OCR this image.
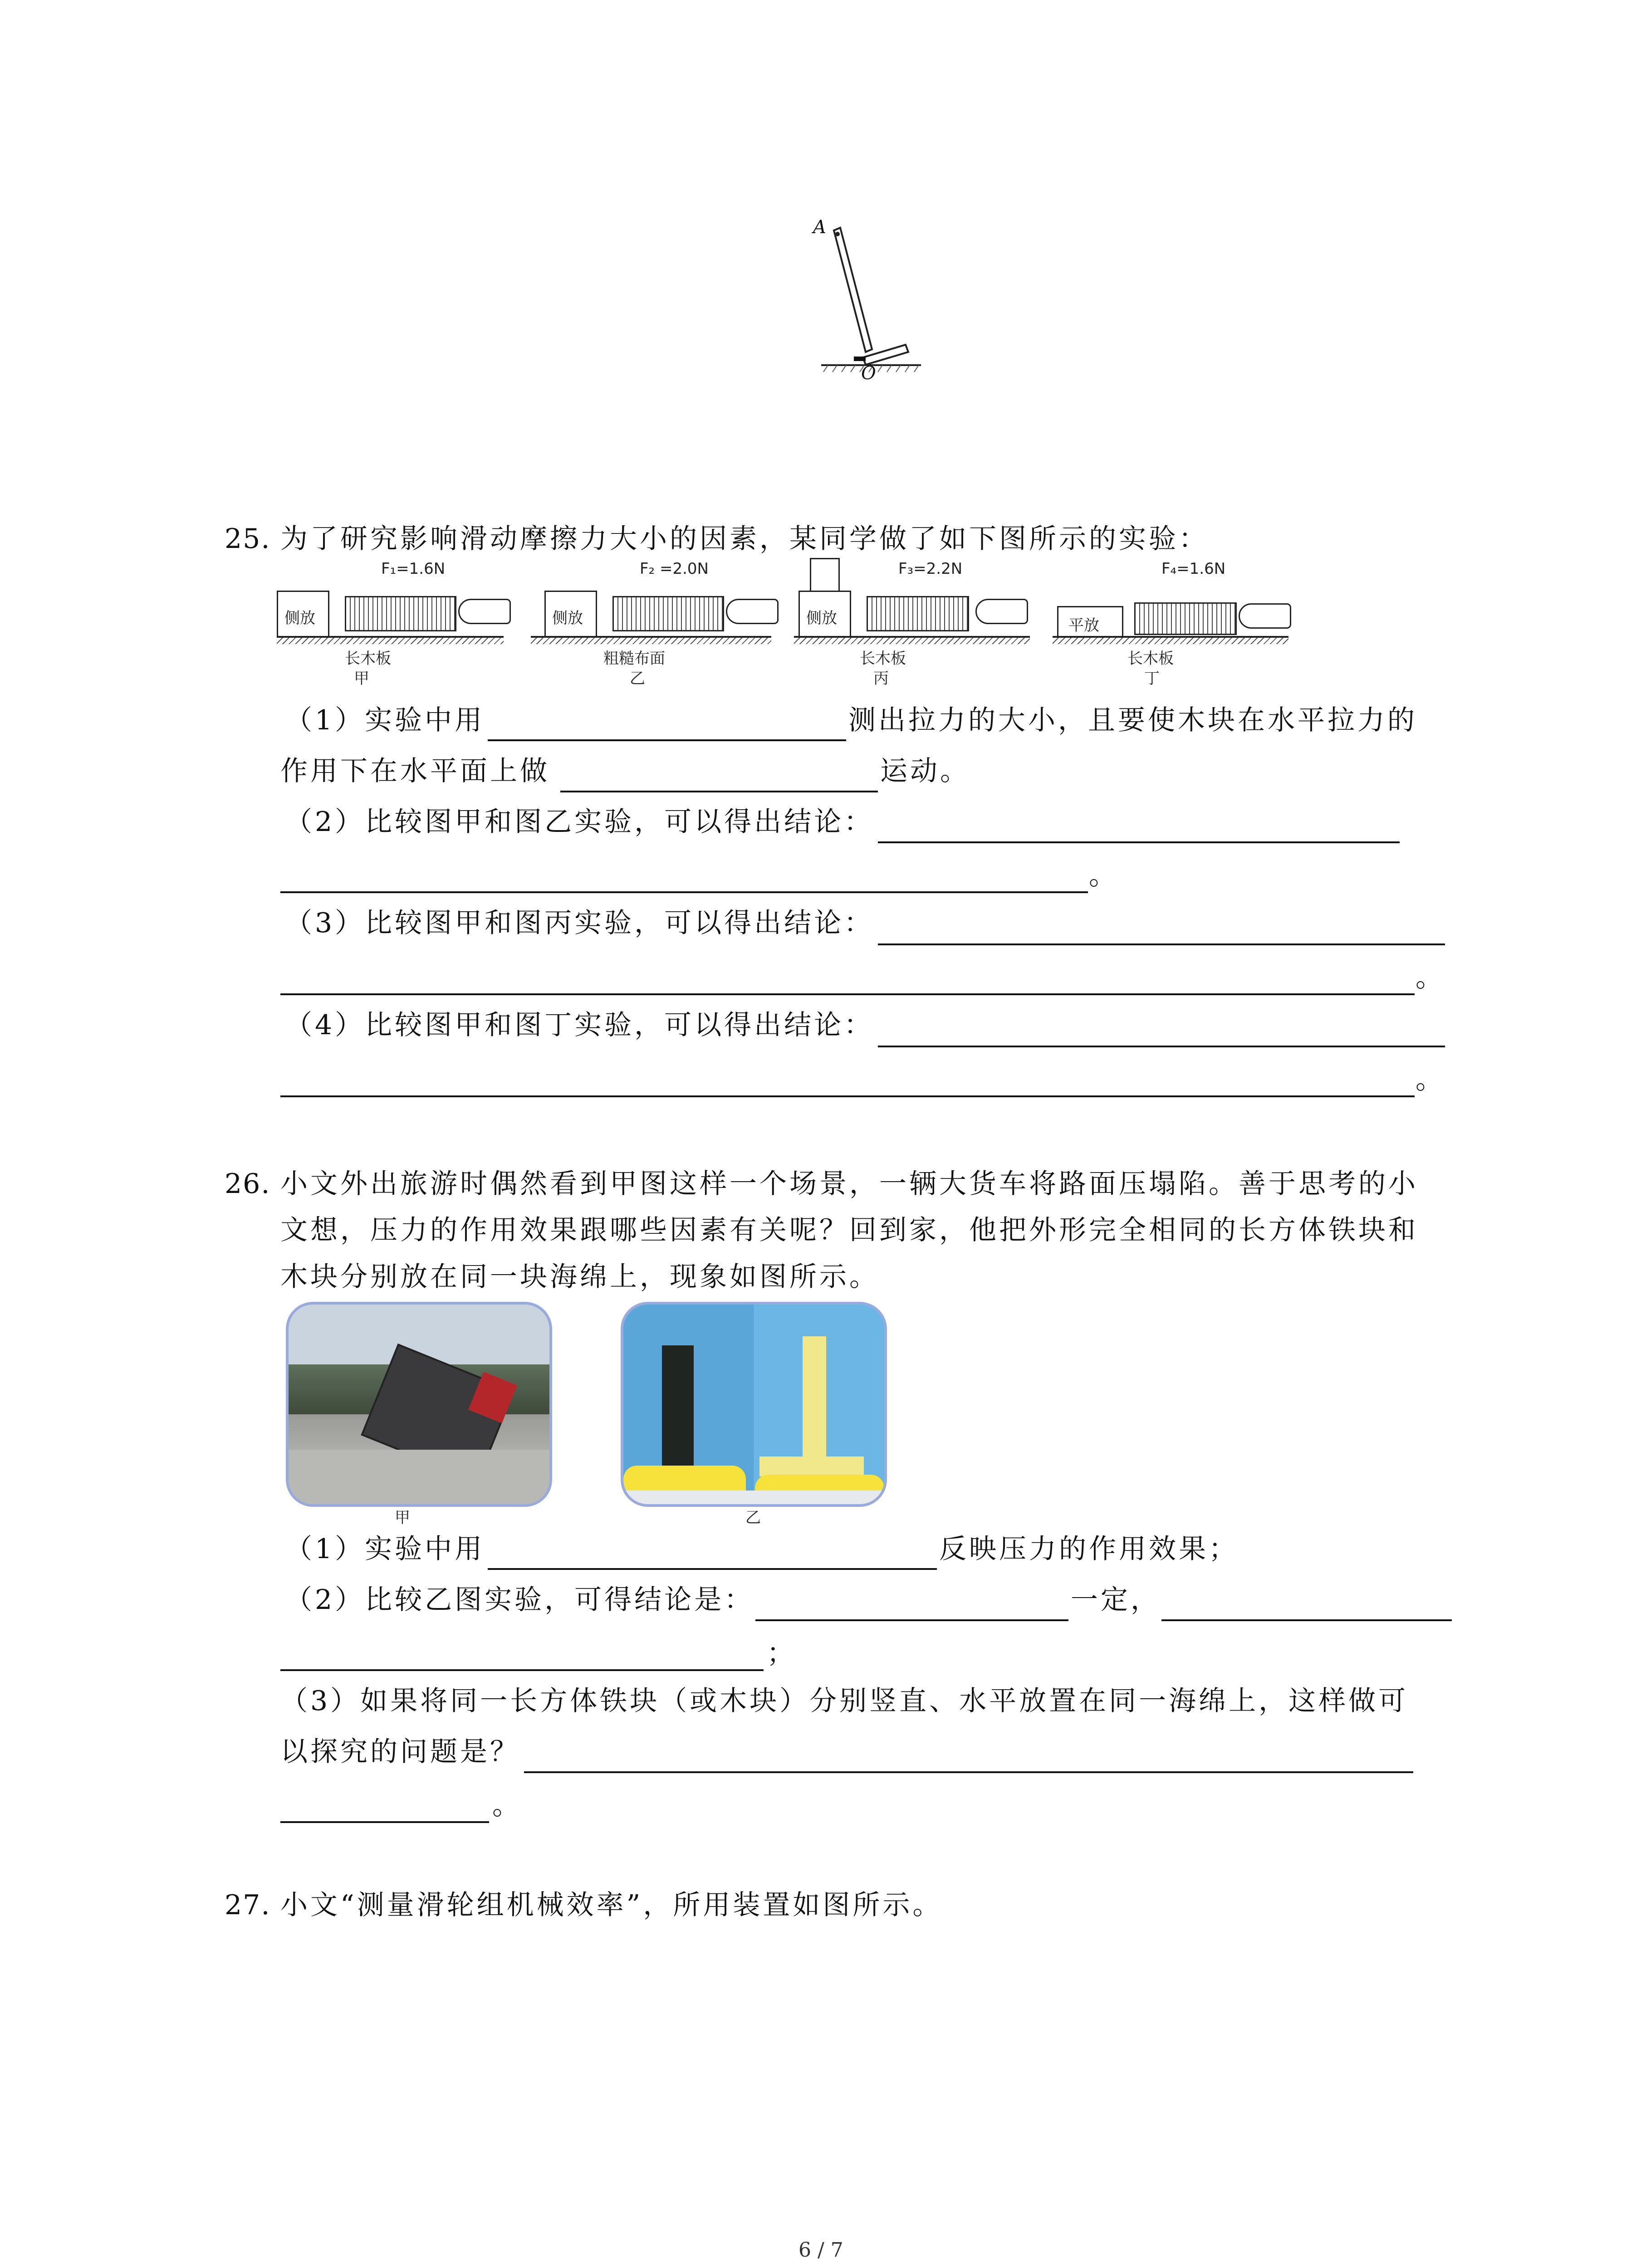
A
O
25. 为了研究影响滑动摩擦力大小的因素，某同学做了如下图所示的实验：
F₁=1.6N
侧放
长木板
甲
F₂ =2.0N
侧放
粗糙布面
乙
F₃=2.2N
侧放
长木板
丙
F₄=1.6N
平放
长木板
丁
（1）实验中用	测出拉力的大小，且要使木块在水平拉力的
作用下在水平面上做	运动。
（2）比较图甲和图乙实验，可以得出结论：
。
（3）比较图甲和图丙实验，可以得出结论：
。
（4）比较图甲和图丁实验，可以得出结论：
。
26. 小文外出旅游时偶然看到甲图这样一个场景，一辆大货车将路面压塌陷。善于思考的小
文想，压力的作用效果跟哪些因素有关呢？回到家，他把外形完全相同的长方体铁块和
木块分别放在同一块海绵上，现象如图所示。
甲	乙
（1）实验中用	反映压力的作用效果；
（2）比较乙图实验，可得结论是：	一定，
；
（3）如果将同一长方体铁块（或木块）分别竖直、水平放置在同一海绵上，这样做可
以探究的问题是？
。
27. 小文“测量滑轮组机械效率”，所用装置如图所示。
6 / 7
